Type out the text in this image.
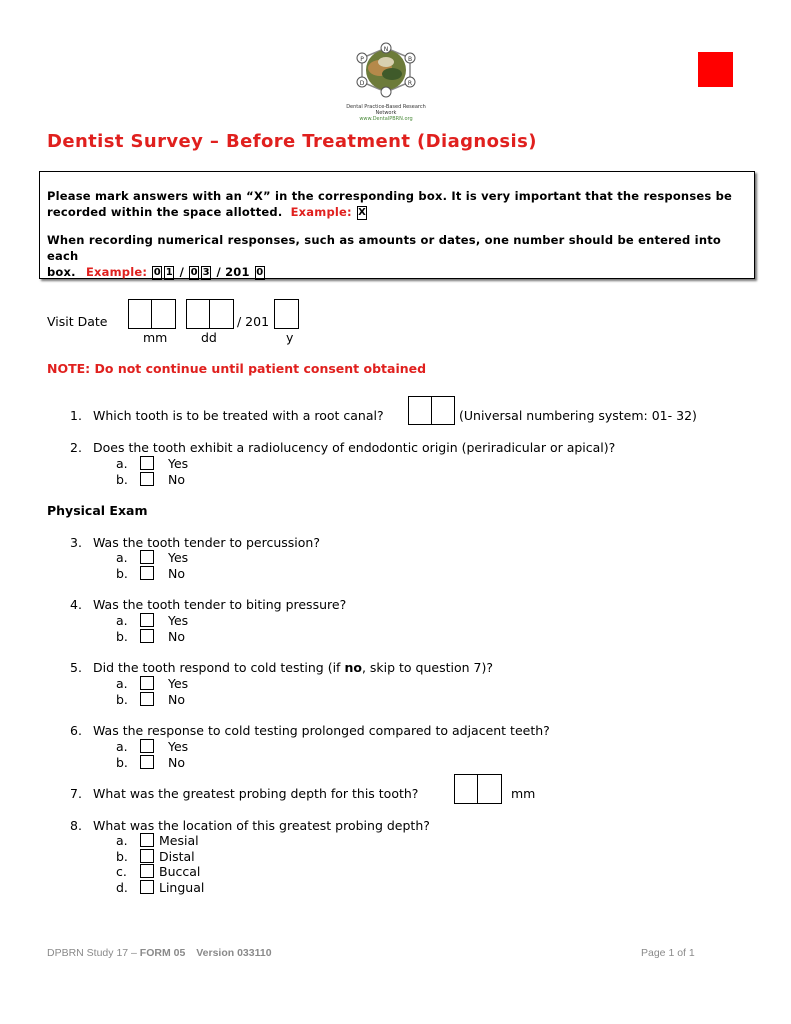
N
P	B
R
D
Dental Practice-Based Research Network
www.DentalPBRN.org
Dentist Survey – Before Treatment (Diagnosis)

Please mark answers with an “X” in the corresponding box. It is very important that the responses be

recorded within the space allotted. Example: X

When recording numerical responses, such as amounts or dates, one number should be entered into each

box. Example: 0 1 / 0 3 / 201 0

Visit Date	/ 201
mm	dd	y
NOTE: Do not continue until patient consent obtained
1. Which tooth is to be treated with a root canal?	(Universal numbering system: 01- 32)
2. Does the tooth exhibit a radiolucency of endodontic origin (periradicular or apical)?
a.	Yes
b.	No
Physical Exam
3. Was the tooth tender to percussion?
a.	Yes
b.	No
4. Was the tooth tender to biting pressure?
a.	Yes
b.	No
5. Did the tooth respond to cold testing (if no, skip to question 7)?
a.	Yes
b.	No
6. Was the response to cold testing prolonged compared to adjacent teeth?
a.	Yes
b.	No
7. What was the greatest probing depth for this tooth?	mm
8. What was the location of this greatest probing depth?
a.	Mesial
b. Distal
c.	Buccal
d. Lingual
DPBRN Study 17 – FORM 05 Version 033110	Page 1 of 1
